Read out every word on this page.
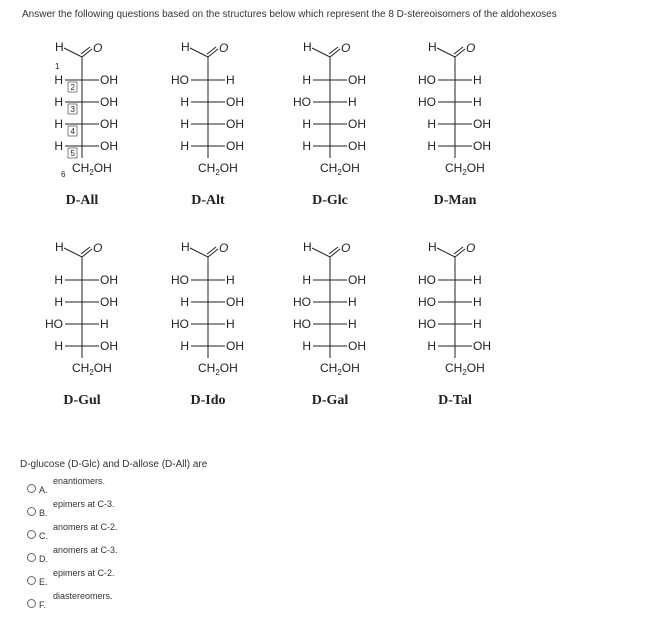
Answer the following questions based on the structures below which represent the 8 D-stereoisomers of the aldohexoses
H O
H	OH
H	OH
H	OH
H	OH
$CH_2OH$
1
2
3
4
5
6
D-All
H O
HO	H
H	OH
H	OH
H	OH
$CH_2OH$
D-Alt
H O
H	OH
HO	H
H	OH
H	OH
$CH_2OH$
D-Glc
H O
HO	H
HO	H
H	OH
H	OH
$CH_2OH$
D-Man
H O
H	OH
H	OH
HO	H
H	OH
$CH_2OH$
D-Gul
H O
HO	H
H	OH
HO	H
H	OH
$CH_2OH$
D-Ido
H O
H	OH
HO	H
HO	H
H	OH
$CH_2OH$
D-Gal
H O
HO	H
HO	H
HO	H
H	OH
$CH_2OH$
D-Tal
D-glucose (D-Glc) and D-allose (D-All) are
A.
enantiomers.
B.
epimers at C-3.
C.
anomers at C-2.
D.
anomers at C-3.
E.
epimers at C-2.
F.
diastereomers.
